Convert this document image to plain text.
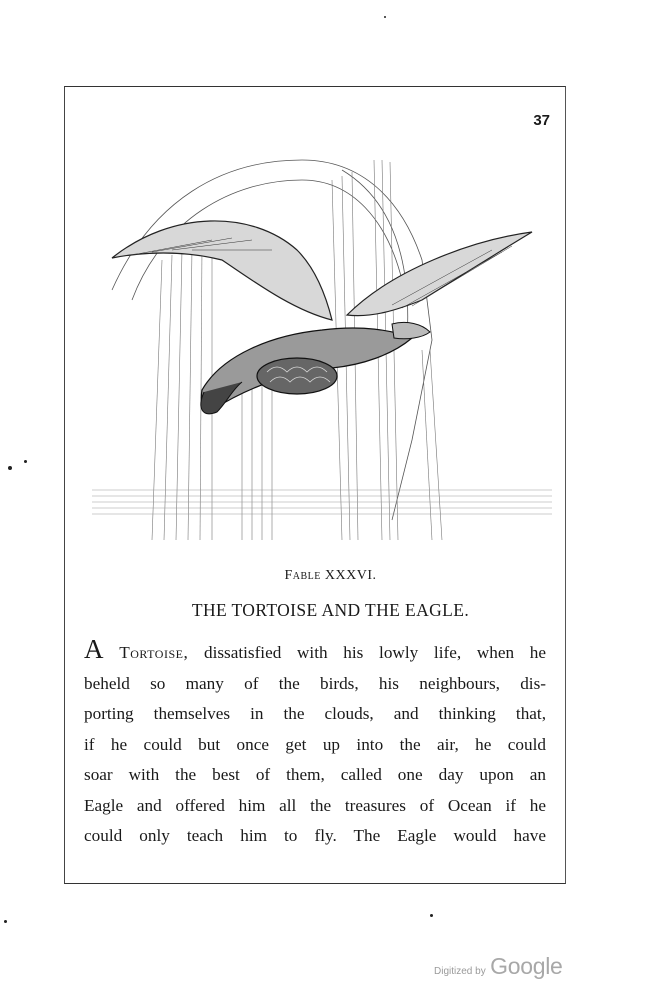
37
Fable XXXVI.
THE TORTOISE AND THE EAGLE.
A Tortoise, dissatisfied with his lowly life, when he
beheld so many of the birds, his neighbours, dis-
porting themselves in the clouds, and thinking that,
if he could but once get up into the air, he could
soar with the best of them, called one day upon an
Eagle and offered him all the treasures of Ocean if he
could only teach him to fly. The Eagle would have
Digitized by Google
